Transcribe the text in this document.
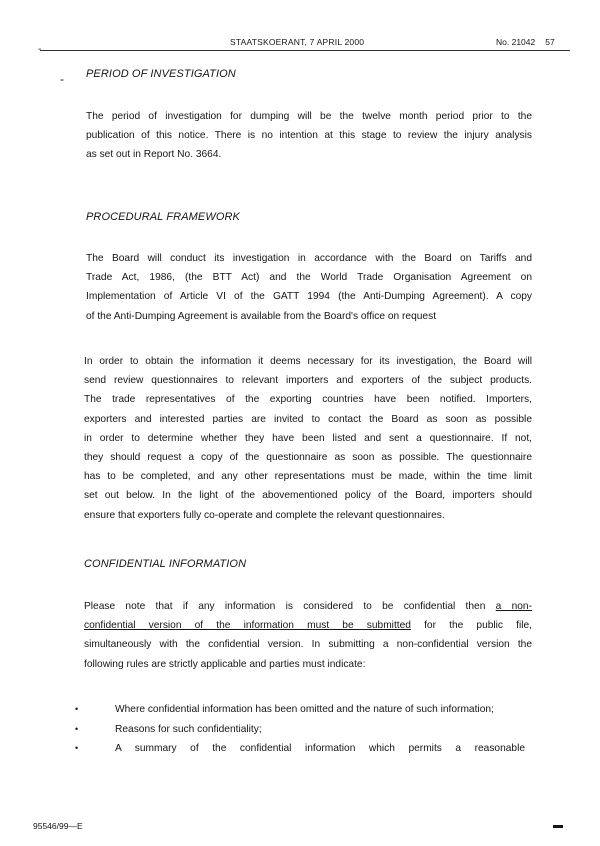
-
STAATSKOERANT, 7 APRIL 2000	No. 21042 57
- PERIOD OF INVESTIGATION
The period of investigation for dumping will be the twelve month period prior to the
publication of this notice. There is no intention at this stage to review the injury analysis
as set out in Report No. 3664.
PROCEDURAL FRAMEWORK
The Board will conduct its investigation in accordance with the Board on Tariffs and
Trade Act, 1986, (the BTT Act) and the World Trade Organisation Agreement on
Implementation of Article VI of the GATT 1994 (the Anti-Dumping Agreement). A copy
of the Anti-Dumping Agreement is available from the Board's office on request
In order to obtain the information it deems necessary for its investigation, the Board will
send review questionnaires to relevant importers and exporters of the subject products.
The trade representatives of the exporting countries have been notified. Importers,
exporters and interested parties are invited to contact the Board as soon as possible
in order to determine whether they have been listed and sent a questionnaire. If not,
they should request a copy of the questionnaire as soon as possible. The questionnaire
has to be completed, and any other representations must be made, within the time limit
set out below. In the light of the abovementioned policy of the Board, importers should
ensure that exporters fully co-operate and complete the relevant questionnaires.
CONFIDENTIAL INFORMATION
Please note that if any information is considered to be confidential then a non-
confidential version of the information must be submitted for the public file,
simultaneously with the confidential version. In submitting a non-confidential version the
following rules are strictly applicable and parties must indicate:
•	Where confidential information has been omitted and the nature of such information;
•	Reasons for such confidentiality;
•	A summary of the confidential information which permits a reasonable
95546/99—E	▬
